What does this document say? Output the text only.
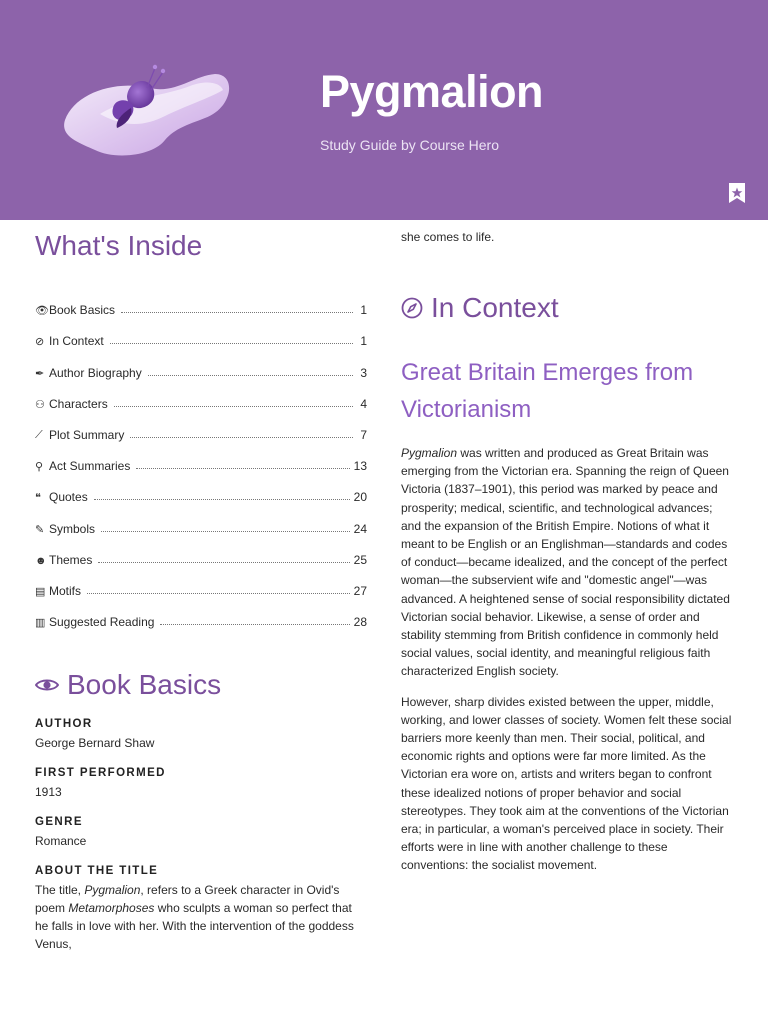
Pygmalion
Study Guide by Course Hero
What's Inside
👁 Book Basics	1
⊘ In Context	1
✒ Author Biography	3
⚇ Characters	4
⟋ Plot Summary	7
⚲ Act Summaries	13
❝ Quotes	20
✎ Symbols	24
☻ Themes	25
▤ Motifs	27
▥ Suggested Reading	28
Book Basics
AUTHOR
George Bernard Shaw
FIRST PERFORMED
1913
GENRE
Romance
ABOUT THE TITLE
The title, Pygmalion, refers to a Greek character in Ovid's poem Metamorphoses who sculpts a woman so perfect that he falls in love with her. With the intervention of the goddess Venus,
she comes to life.
In Context
Great Britain Emerges from Victorianism

Pygmalion was written and produced as Great Britain was emerging from the Victorian era. Spanning the reign of Queen Victoria (1837–1901), this period was marked by peace and prosperity; medical, scientific, and technological advances; and the expansion of the British Empire. Notions of what it meant to be English or an Englishman—standards and codes of conduct—became idealized, and the concept of the perfect woman—the subservient wife and "domestic angel"—was advanced. A heightened sense of social responsibility dictated Victorian social behavior. Likewise, a sense of order and stability stemming from British confidence in commonly held social values, social identity, and meaningful religious faith characterized English society.

However, sharp divides existed between the upper, middle, working, and lower classes of society. Women felt these social barriers more keenly than men. Their social, political, and economic rights and options were far more limited. As the Victorian era wore on, artists and writers began to confront these idealized notions of proper behavior and social stereotypes. They took aim at the conventions of the Victorian era; in particular, a woman's perceived place in society. Their efforts were in line with another challenge to these conventions: the socialist movement.
